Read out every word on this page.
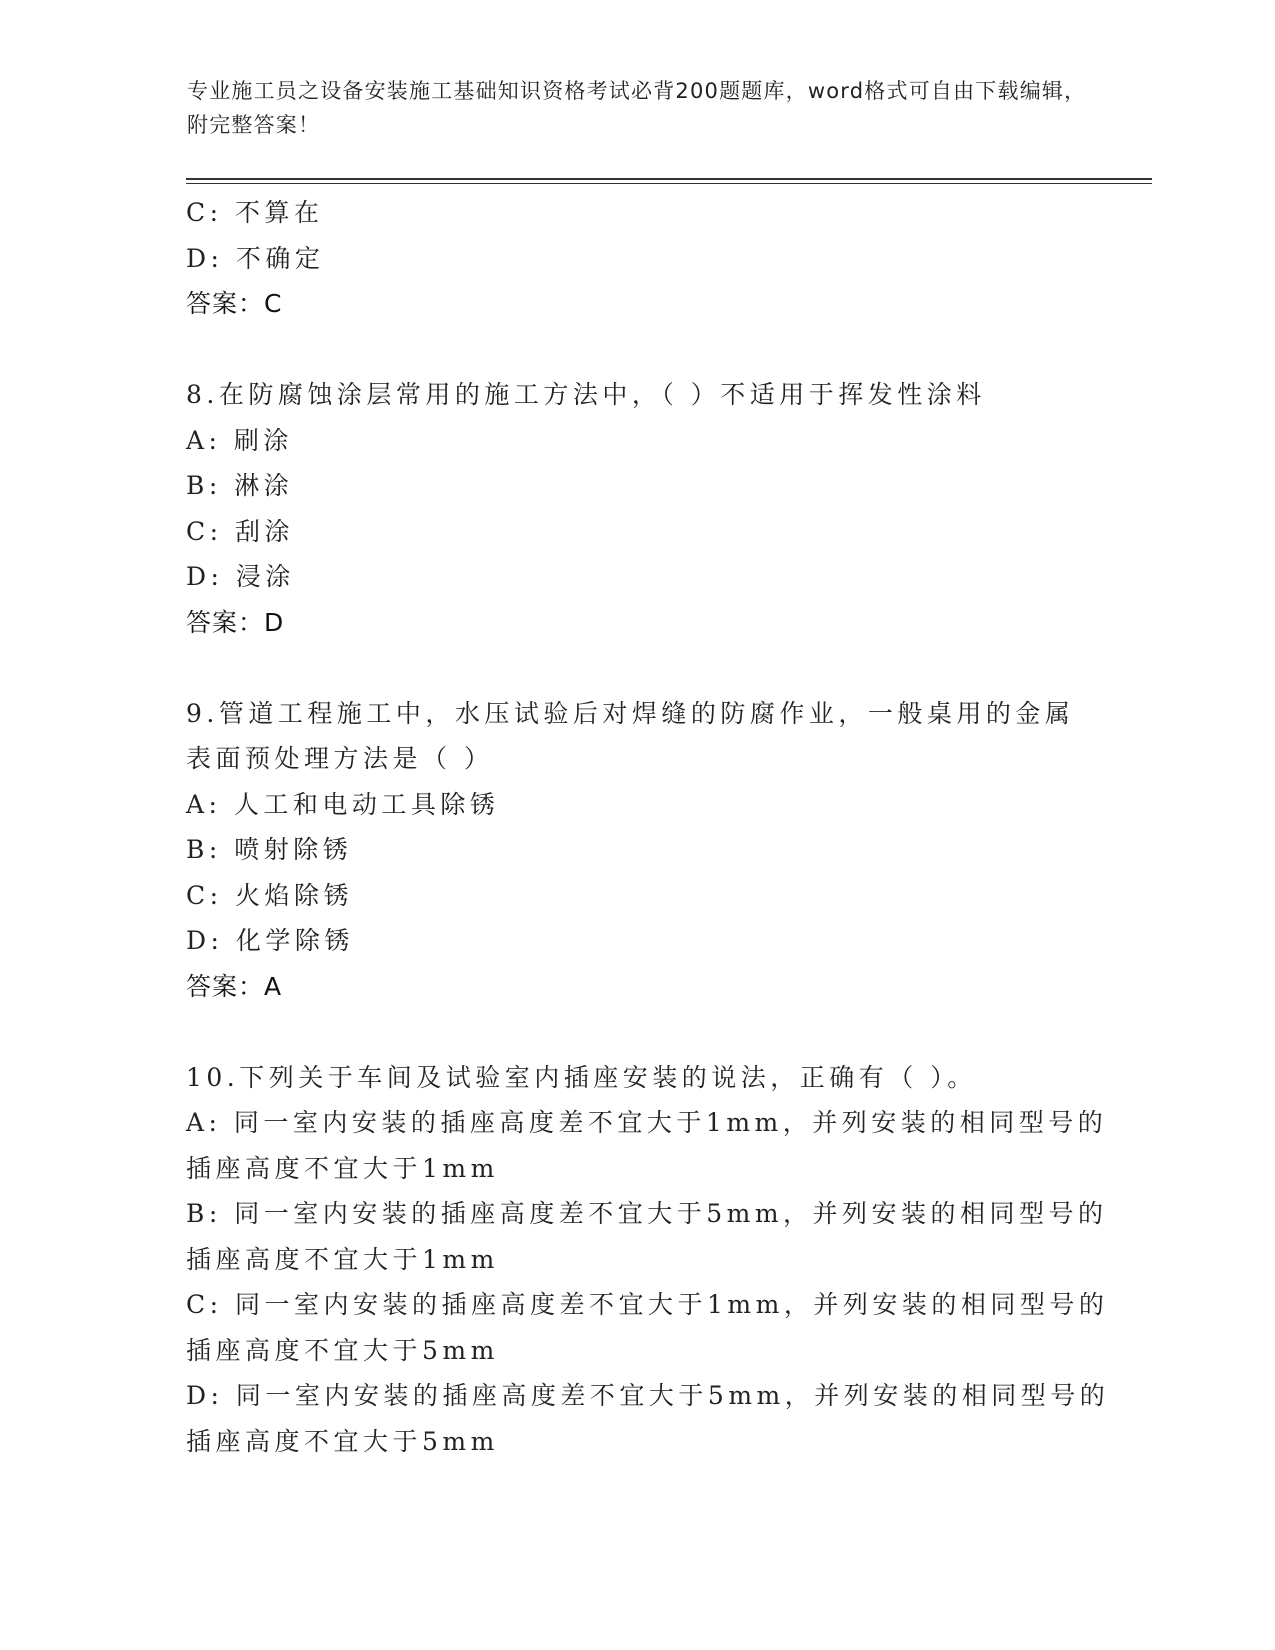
专业施工员之设备安装施工基础知识资格考试必背200题题库，word格式可自由下载编辑，附完整答案！
C: 不算在
D: 不确定
答案：C
8.在防腐蚀涂层常用的施工方法中，（ ）不适用于挥发性涂料
A: 刷涂
B: 淋涂
C: 刮涂
D: 浸涂
答案：D
9.管道工程施工中，水压试验后对焊缝的防腐作业，一般桌用的金属
表面预处理方法是（ ）
A: 人工和电动工具除锈
B: 喷射除锈
C: 火焰除锈
D: 化学除锈
答案：A
10.下列关于车间及试验室内插座安装的说法，正确有（ ）。
A: 同一室内安装的插座高度差不宜大于1mm，并列安装的相同型号的
插座高度不宜大于1mm
B: 同一室内安装的插座高度差不宜大于5mm，并列安装的相同型号的
插座高度不宜大于1mm
C: 同一室内安装的插座高度差不宜大于1mm，并列安装的相同型号的
插座高度不宜大于5mm
D: 同一室内安装的插座高度差不宜大于5mm，并列安装的相同型号的
插座高度不宜大于5mm
